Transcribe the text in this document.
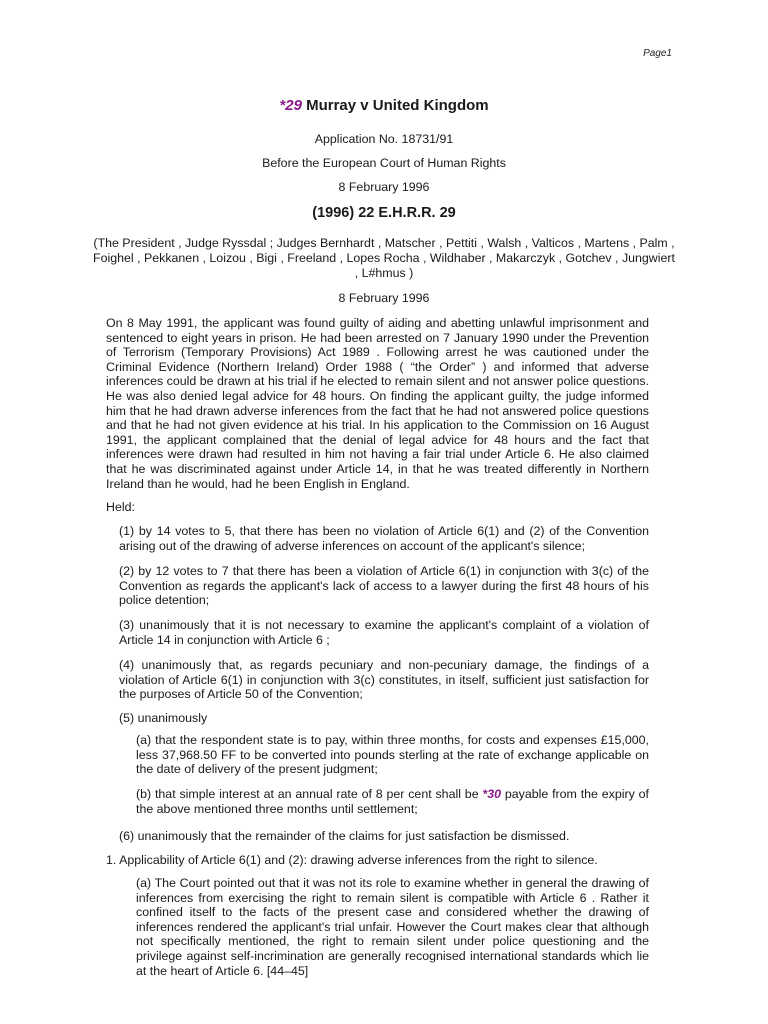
Page1
*29 Murray v United Kingdom
Application No. 18731/91
Before the European Court of Human Rights
8 February 1996
(1996) 22 E.H.R.R. 29
(The President , Judge Ryssdal ; Judges Bernhardt , Matscher , Pettiti , Walsh , Valticos , Martens , Palm , Foighel , Pekkanen , Loizou , Bigi , Freeland , Lopes Rocha , Wildhaber , Makarczyk , Gotchev , Jungwiert , L#hmus )
8 February 1996

On 8 May 1991, the applicant was found guilty of aiding and abetting unlawful imprisonment and sentenced to eight years in prison. He had been arrested on 7 January 1990 under the Prevention of Terrorism (Temporary Provisions) Act 1989 . Following arrest he was cautioned under the Criminal Evidence (Northern Ireland) Order 1988 ( “the Order” ) and informed that adverse inferences could be drawn at his trial if he elected to remain silent and not answer police questions. He was also denied legal advice for 48 hours. On finding the applicant guilty, the judge informed him that he had drawn adverse inferences from the fact that he had not answered police questions and that he had not given evidence at his trial. In his application to the Commission on 16 August 1991, the applicant complained that the denial of legal advice for 48 hours and the fact that inferences were drawn had resulted in him not having a fair trial under Article 6. He also claimed that he was discriminated against under Article 14, in that he was treated differently in Northern Ireland than he would, had he been English in England.

Held:
(1) by 14 votes to 5, that there has been no violation of Article 6(1) and (2) of the Convention arising out of the drawing of adverse inferences on account of the applicant's silence;
(2) by 12 votes to 7 that there has been a violation of Article 6(1) in conjunction with 3(c) of the Convention as regards the applicant's lack of access to a lawyer during the first 48 hours of his police detention;
(3) unanimously that it is not necessary to examine the applicant's complaint of a violation of Article 14 in conjunction with Article 6 ;
(4) unanimously that, as regards pecuniary and non-pecuniary damage, the findings of a violation of Article 6(1) in conjunction with 3(c) constitutes, in itself, sufficient just satisfaction for the purposes of Article 50 of the Convention;
(5) unanimously
(a) that the respondent state is to pay, within three months, for costs and expenses £15,000, less 37,968.50 FF to be converted into pounds sterling at the rate of exchange applicable on the date of delivery of the present judgment;
(b) that simple interest at an annual rate of 8 per cent shall be *30 payable from the expiry of the above mentioned three months until settlement;
(6) unanimously that the remainder of the claims for just satisfaction be dismissed.
1. Applicability of Article 6(1) and (2): drawing adverse inferences from the right to silence.
(a) The Court pointed out that it was not its role to examine whether in general the drawing of inferences from exercising the right to remain silent is compatible with Article 6 . Rather it confined itself to the facts of the present case and considered whether the drawing of inferences rendered the applicant's trial unfair. However the Court makes clear that although not specifically mentioned, the right to remain silent under police questioning and the privilege against self-incrimination are generally recognised international standards which lie at the heart of Article 6. [44–45]
